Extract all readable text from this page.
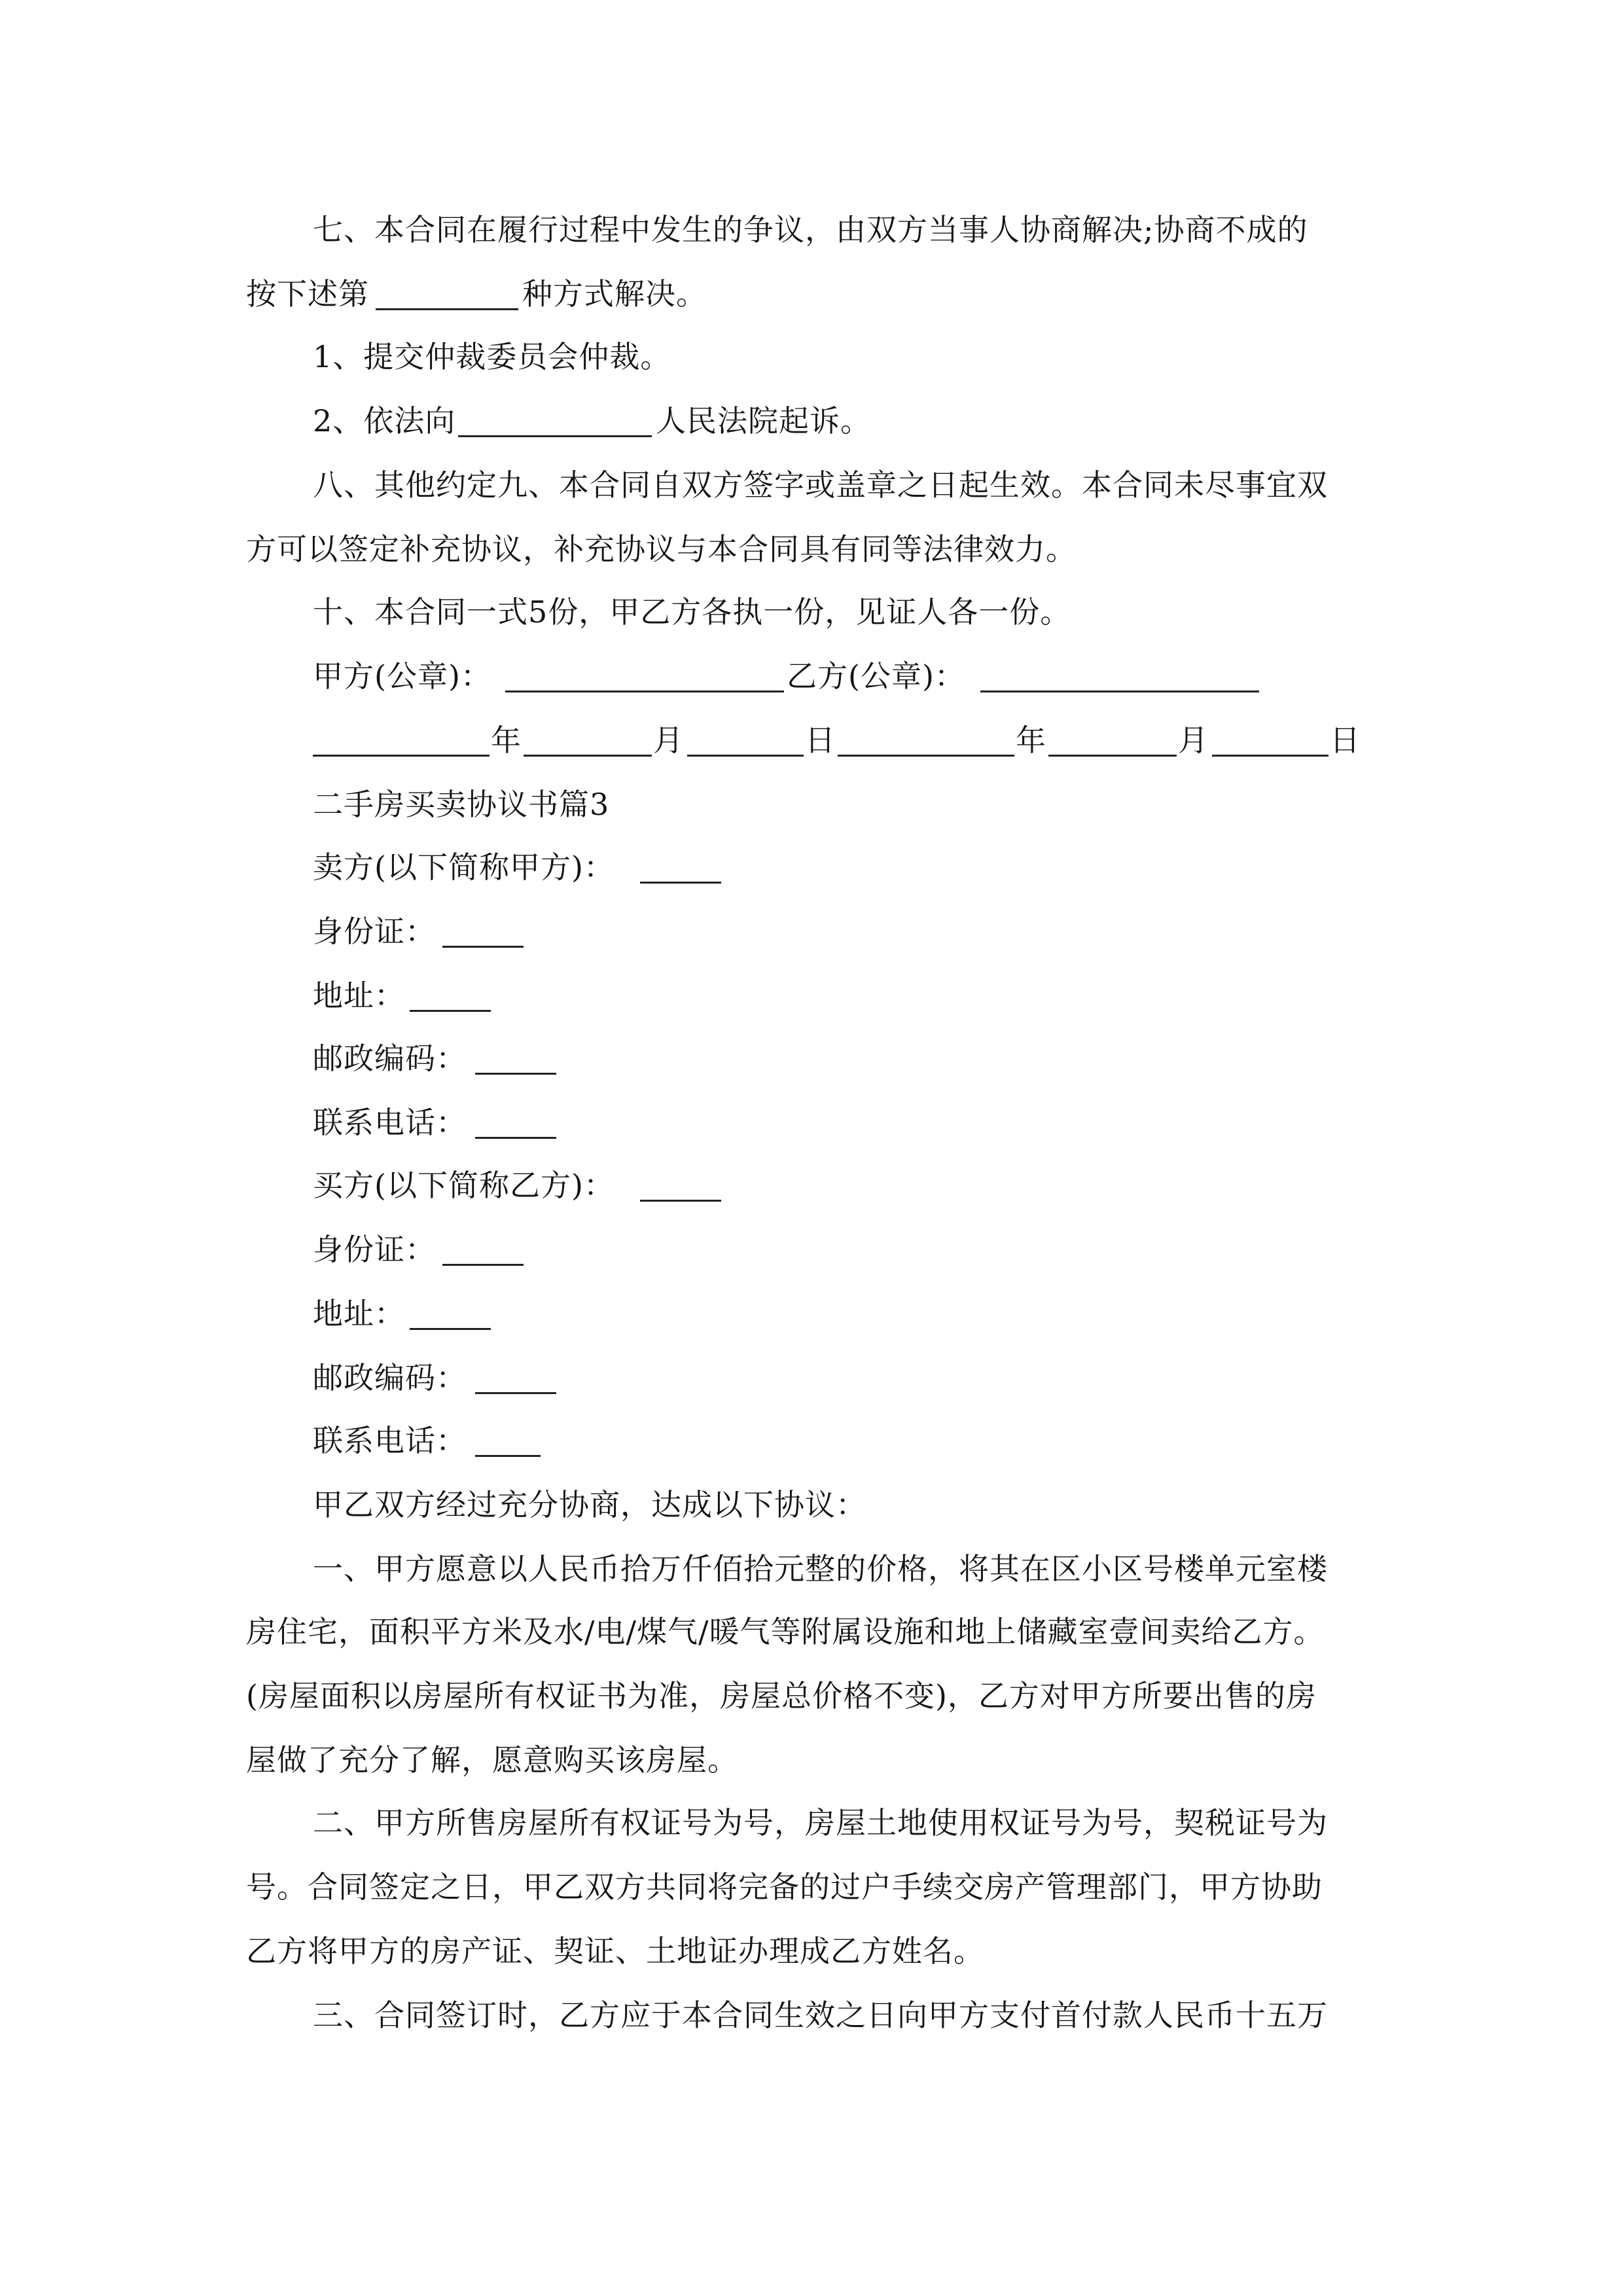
七、本合同在履行过程中发生的争议，由双方当事人协商解决;协商不成的
按下述第	种方式解决。
1、提交仲裁委员会仲裁。
2、依法向	人民法院起诉。
八、其他约定九、本合同自双方签字或盖章之日起生效。本合同未尽事宜双
方可以签定补充协议，补充协议与本合同具有同等法律效力。
十、本合同一式5份，甲乙方各执一份，见证人各一份。
甲方(公章)：	乙方(公章)：
年	月	日	年	月	日
二手房买卖协议书篇3
卖方(以下简称甲方)：
身份证：
地址：
邮政编码：
联系电话：
买方(以下简称乙方)：
身份证：
地址：
邮政编码：
联系电话：
甲乙双方经过充分协商，达成以下协议：
一、甲方愿意以人民币拾万仟佰拾元整的价格，将其在区小区号楼单元室楼
房住宅，面积平方米及水/电/煤气/暖气等附属设施和地上储藏室壹间卖给乙方。
(房屋面积以房屋所有权证书为准，房屋总价格不变)，乙方对甲方所要出售的房
屋做了充分了解，愿意购买该房屋。
二、甲方所售房屋所有权证号为号，房屋土地使用权证号为号，契税证号为
号。合同签定之日，甲乙双方共同将完备的过户手续交房产管理部门，甲方协助
乙方将甲方的房产证、契证、土地证办理成乙方姓名。
三、合同签订时，乙方应于本合同生效之日向甲方支付首付款人民币十五万
